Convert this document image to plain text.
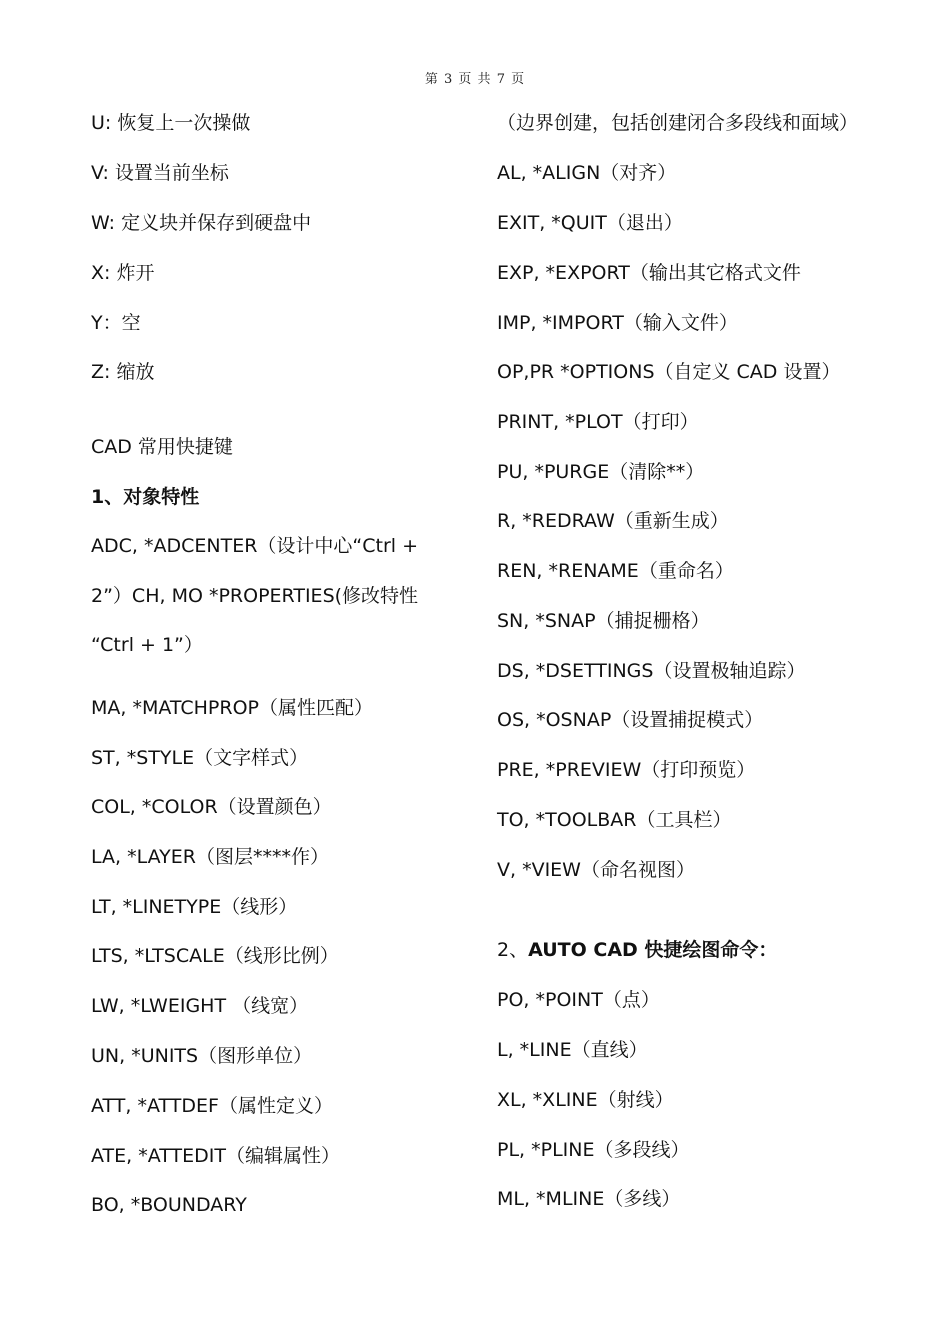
第 3 页 共 7 页
U: 恢复上一次操做
V: 设置当前坐标
W: 定义块并保存到硬盘中
X: 炸开
Y：空
Z: 缩放
CAD 常用快捷键
1、对象特性
ADC, *ADCENTER（设计中心“Ctrl +
2”）CH, MO *PROPERTIES(修改特性
“Ctrl + 1”）
MA, *MATCHPROP（属性匹配）
ST, *STYLE（文字样式）
COL, *COLOR（设置颜色）
LA, *LAYER（图层****作）
LT, *LINETYPE（线形）
LTS, *LTSCALE（线形比例）
LW, *LWEIGHT （线宽）
UN, *UNITS（图形单位）
ATT, *ATTDEF（属性定义）
ATE, *ATTEDIT（编辑属性）
BO, *BOUNDARY
（边界创建，包括创建闭合多段线和面域）
AL, *ALIGN（对齐）
EXIT, *QUIT（退出）
EXP, *EXPORT（输出其它格式文件
IMP, *IMPORT（输入文件）
OP,PR *OPTIONS（自定义 CAD 设置）
PRINT, *PLOT（打印）
PU, *PURGE（清除**）
R, *REDRAW（重新生成）
REN, *RENAME（重命名）
SN, *SNAP（捕捉栅格）
DS, *DSETTINGS（设置极轴追踪）
OS, *OSNAP（设置捕捉模式）
PRE, *PREVIEW（打印预览）
TO, *TOOLBAR（工具栏）
V, *VIEW（命名视图）
2、AUTO CAD 快捷绘图命令：
PO, *POINT（点）
L, *LINE（直线）
XL, *XLINE（射线）
PL, *PLINE（多段线）
ML, *MLINE（多线）
